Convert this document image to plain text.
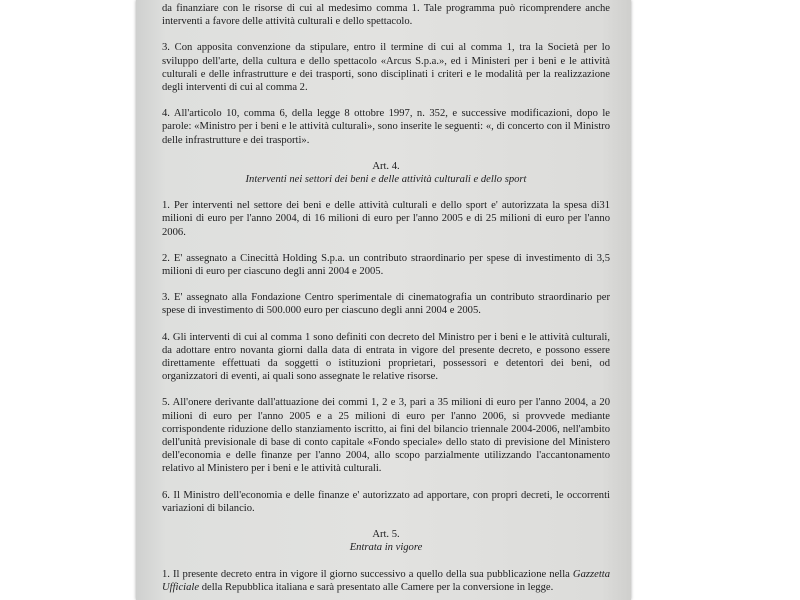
da finanziare con le risorse di cui al medesimo comma 1. Tale programma può ricomprendere anche interventi a favore delle attività culturali e dello spettacolo.

3. Con apposita convenzione da stipulare, entro il termine di cui al comma 1, tra la Società per lo sviluppo dell'arte, della cultura e dello spettacolo «Arcus S.p.a.», ed i Ministeri per i beni e le attività culturali e delle infrastrutture e dei trasporti, sono disciplinati i criteri e le modalità per la realizzazione degli interventi di cui al comma 2.

4. All'articolo 10, comma 6, della legge 8 ottobre 1997, n. 352, e successive modificazioni, dopo le parole: «Ministro per i beni e le attività culturali», sono inserite le seguenti: «, di concerto con il Ministro delle infrastrutture e dei trasporti».

Art. 4.

Interventi nei settori dei beni e delle attività culturali e dello sport

1. Per interventi nel settore dei beni e delle attività culturali e dello sport e' autorizzata la spesa di31 milioni di euro per l'anno 2004, di 16 milioni di euro per l'anno 2005 e di 25 milioni di euro per l'anno 2006.

2. E' assegnato a Cinecittà Holding S.p.a. un contributo straordinario per spese di investimento di 3,5 milioni di euro per ciascuno degli anni 2004 e 2005.

3. E' assegnato alla Fondazione Centro sperimentale di cinematografia un contributo straordinario per spese di investimento di 500.000 euro per ciascuno degli anni 2004 e 2005.

4. Gli interventi di cui al comma 1 sono definiti con decreto del Ministro per i beni e le attività culturali, da adottare entro novanta giorni dalla data di entrata in vigore del presente decreto, e possono essere direttamente effettuati da soggetti o istituzioni proprietari, possessori e detentori dei beni, od organizzatori di eventi, ai quali sono assegnate le relative risorse.

5. All'onere derivante dall'attuazione dei commi 1, 2 e 3, pari a 35 milioni di euro per l'anno 2004, a 20 milioni di euro per l'anno 2005 e a 25 milioni di euro per l'anno 2006, si provvede mediante corrispondente riduzione dello stanziamento iscritto, ai fini del bilancio triennale 2004-2006, nell'ambito dell'unità previsionale di base di conto capitale «Fondo speciale» dello stato di previsione del Ministero dell'economia e delle finanze per l'anno 2004, allo scopo parzialmente utilizzando l'accantonamento relativo al Ministero per i beni e le attività culturali.

6. Il Ministro dell'economia e delle finanze e' autorizzato ad apportare, con propri decreti, le occorrenti variazioni di bilancio.

Art. 5.

Entrata in vigore

1. Il presente decreto entra in vigore il giorno successivo a quello della sua pubblicazione nella Gazzetta Ufficiale della Repubblica italiana e sarà presentato alle Camere per la conversione in legge.
